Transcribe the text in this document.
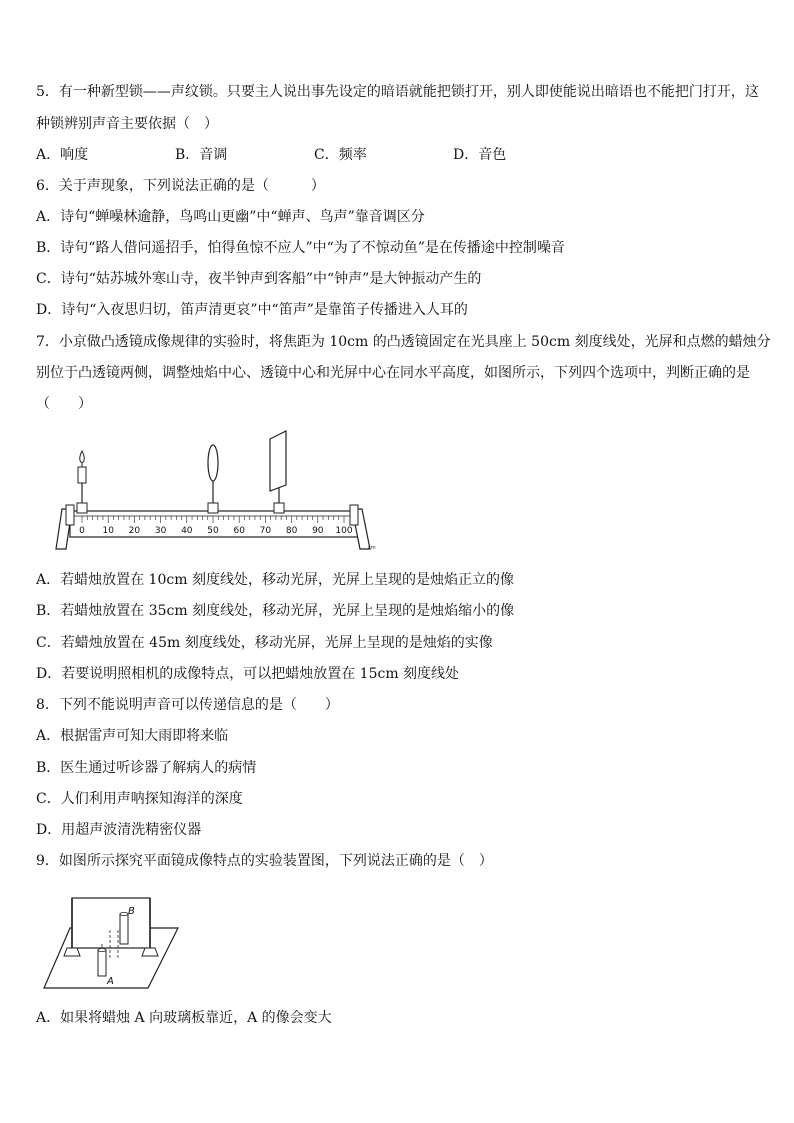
5．有一种新型锁——声纹锁。只要主人说出事先设定的暗语就能把锁打开，别人即使能说出暗语也不能把门打开，这
种锁辨别声音主要依据（　）
A．响度	B．音调	C．频率	D．音色
6．关于声现象，下列说法正确的是（　　　）
A．诗句“蝉噪林逾静，鸟鸣山更幽”中“蝉声、鸟声”靠音调区分
B．诗句“路人借问遥招手，怕得鱼惊不应人”中“为了不惊动鱼”是在传播途中控制噪音
C．诗句“姑苏城外寒山寺，夜半钟声到客船”中“钟声”是大钟振动产生的
D．诗句“入夜思归切，笛声清更哀”中“笛声”是靠笛子传播进入人耳的
7．小京做凸透镜成像规律的实验时，将焦距为 10cm 的凸透镜固定在光具座上 50cm 刻度线处，光屏和点燃的蜡烛分
别位于凸透镜两侧，调整烛焰中心、透镜中心和光屏中心在同水平高度，如图所示，下列四个选项中，判断正确的是
（　　）
0 10 20 30 40 50 60 70 80 90 100
cm
A．若蜡烛放置在 10cm 刻度线处，移动光屏，光屏上呈现的是烛焰正立的像
B．若蜡烛放置在 35cm 刻度线处，移动光屏，光屏上呈现的是烛焰缩小的像
C．若蜡烛放置在 45m 刻度线处，移动光屏，光屏上呈现的是烛焰的实像
D．若要说明照相机的成像特点，可以把蜡烛放置在 15cm 刻度线处
8．下列不能说明声音可以传递信息的是（　　）
A．根据雷声可知大雨即将来临
B．医生通过听诊器了解病人的病情
C．人们利用声呐探知海洋的深度
D．用超声波清洗精密仪器
9．如图所示探究平面镜成像特点的实验装置图，下列说法正确的是（　）
B
A
A．如果将蜡烛 A 向玻璃板靠近，A 的像会变大
